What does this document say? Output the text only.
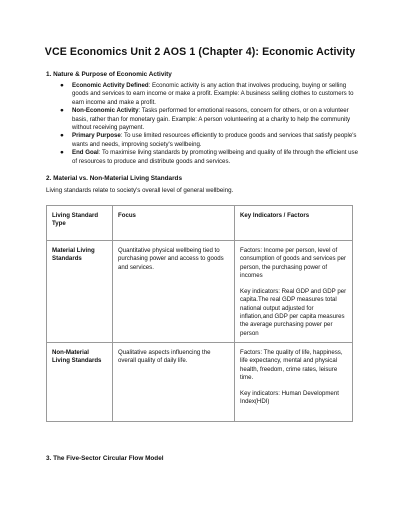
VCE Economics Unit 2 AOS 1 (Chapter 4): Economic Activity
1. Nature & Purpose of Economic Activity
● Economic Activity Defined: Economic activity is any action that involves producing, buying or selling goods and services to earn income or make a profit. Example: A business selling clothes to customers to earn income and make a profit.
● Non-Economic Activity: Tasks performed for emotional reasons, concern for others, or on a volunteer basis, rather than for monetary gain. Example: A person volunteering at a charity to help the community without receiving payment.
● Primary Purpose: To use limited resources efficiently to produce goods and services that satisfy people's wants and needs, improving society's wellbeing.
● End Goal: To maximise living standards by promoting wellbeing and quality of life through the efficient use of resources to produce and distribute goods and services.
2. Material vs. Non-Material Living Standards
Living standards relate to society's overall level of general wellbeing.
Living Standard Type	Focus	Key Indicators / Factors
Material Living Standards	Quantitative physical wellbeing tied to purchasing power and access to goods and services.	Factors: Income per person, level of consumption of goods and services per person, the purchasing power of incomes

Key indicators: Real GDP and GDP per capita.The real GDP measures total national output adjusted for inflation,and GDP per capita measures the average purchasing power per person

Non-Material Living Standards	Qualitative aspects influencing the overall quality of daily life.	Factors: The quality of life, happiness, life expectancy, mental and physical health, freedom, crime rates, leisure time.

Key indicators: Human Development Index(HDI)

3. The Five-Sector Circular Flow Model
